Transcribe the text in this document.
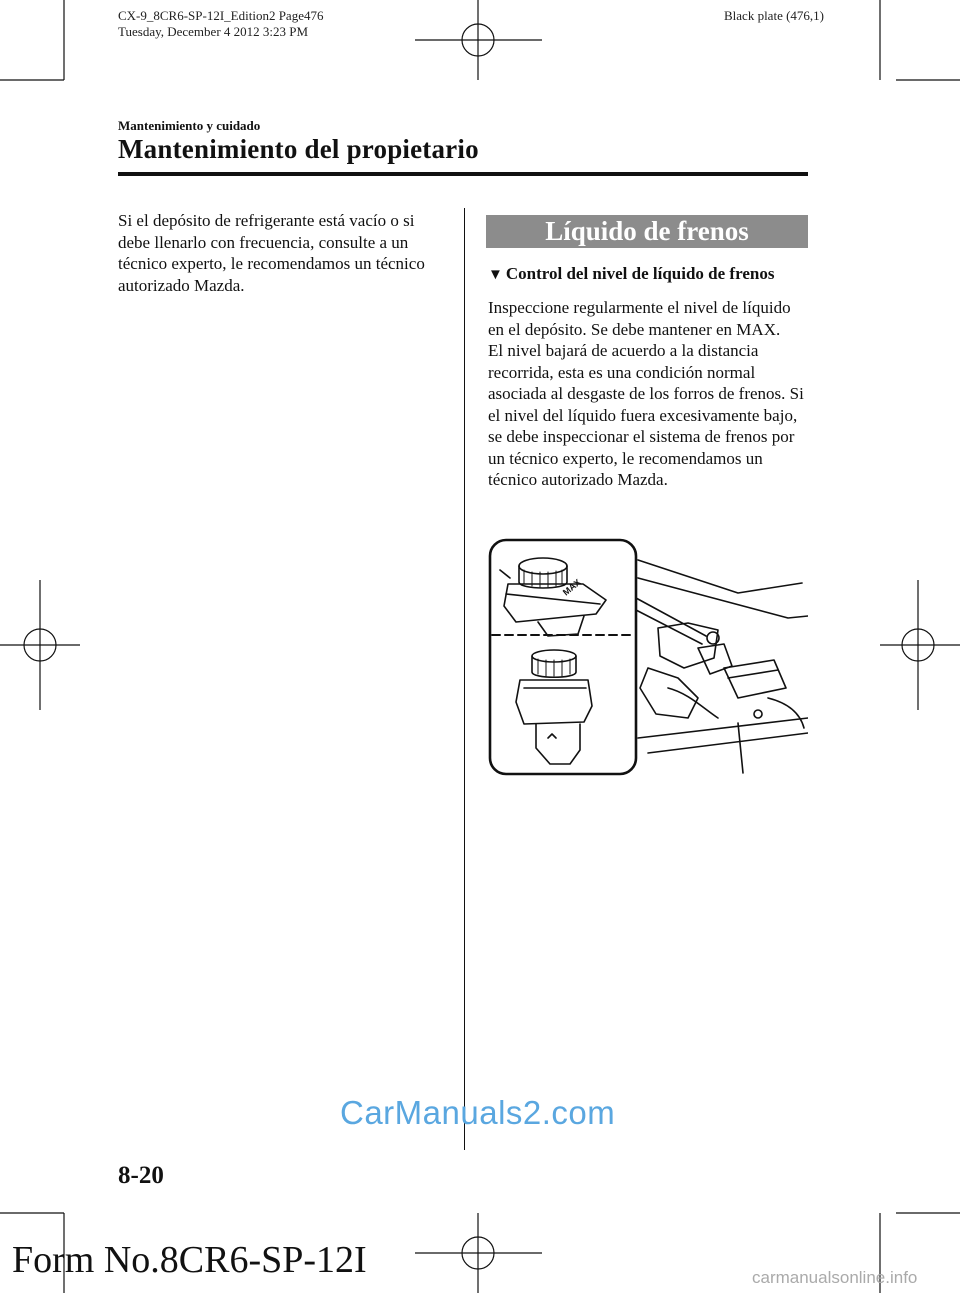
CX-9_8CR6-SP-12I_Edition2 Page476
Tuesday, December 4 2012 3:23 PM
Black plate (476,1)
Mantenimiento y cuidado
Mantenimiento del propietario
Si el depósito de refrigerante está vacío o si debe llenarlo con frecuencia, consulte a un técnico experto, le recomendamos un técnico autorizado Mazda.
Líquido de frenos
▼ Control del nivel de líquido de frenos

Inspeccione regularmente el nivel de líquido en el depósito. Se debe mantener en MAX.

El nivel bajará de acuerdo a la distancia recorrida, esta es una condición normal asociada al desgaste de los forros de frenos. Si el nivel del líquido fuera excesivamente bajo, se debe inspeccionar el sistema de frenos por un técnico experto, le recomendamos un técnico autorizado Mazda.

MAX
CarManuals2.com
8-20
Form No.8CR6-SP-12I	carmanualsonline.info
